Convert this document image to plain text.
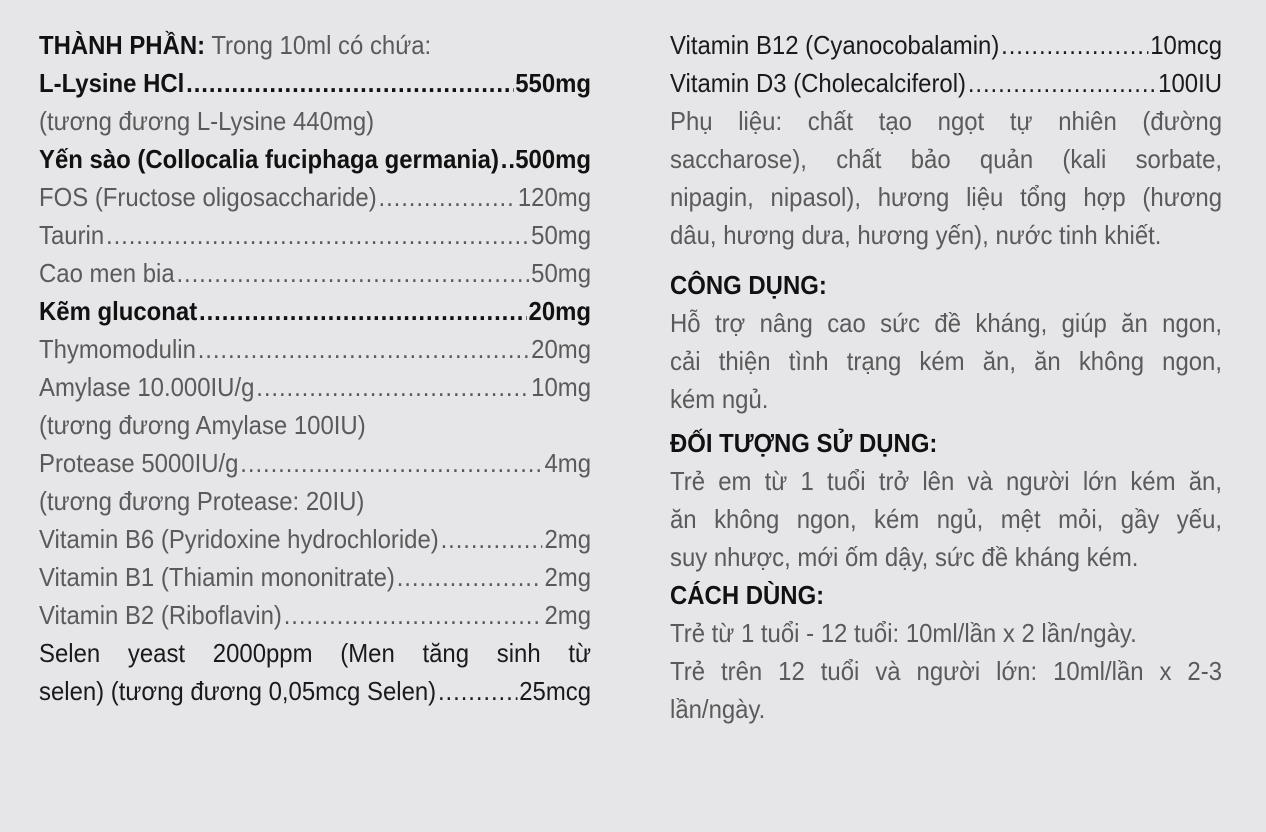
THÀNH PHẦN: Trong 10ml có chứa:
L-Lysine HCl .....	550mg
(tương đương L-Lysine 440mg)
Yến sào (Collocalia fuciphaga germania) ..... 500mg
FOS (Fructose oligosaccharide) .....	120mg
Taurin .....	50mg
Cao men bia .....	50mg
Kẽm gluconat .....	20mg
Thymomodulin .....	20mg
Amylase 10.000IU/g .....	10mg
(tương đương Amylase 100IU)
Protease 5000IU/g .....	4mg
(tương đương Protease: 20IU)
Vitamin B6 (Pyridoxine hydrochloride) .....	2mg
Vitamin B1 (Thiamin mononitrate) .....	2mg
Vitamin B2 (Riboflavin) .....	2mg
Selen yeast 2000ppm (Men tăng sinh từ
selen) (tương đương 0,05mcg Selen) .....	25mcg
Vitamin B12 (Cyanocobalamin) .....	10mcg
Vitamin D3 (Cholecalciferol) .....	100IU
Phụ liệu: chất tạo ngọt tự nhiên (đường
saccharose), chất bảo quản (kali sorbate,
nipagin, nipasol), hương liệu tổng hợp (hương
dâu, hương dưa, hương yến), nước tinh khiết.
CÔNG DỤNG:
Hỗ trợ nâng cao sức đề kháng, giúp ăn ngon,
cải thiện tình trạng kém ăn, ăn không ngon,
kém ngủ.
ĐỐI TƯỢNG SỬ DỤNG:
Trẻ em từ 1 tuổi trở lên và người lớn kém ăn,
ăn không ngon, kém ngủ, mệt mỏi, gầy yếu,
suy nhược, mới ốm dậy, sức đề kháng kém.
CÁCH DÙNG:
Trẻ từ 1 tuổi - 12 tuổi: 10ml/lần x 2 lần/ngày.
Trẻ trên 12 tuổi và người lớn: 10ml/lần x 2-3
lần/ngày.
